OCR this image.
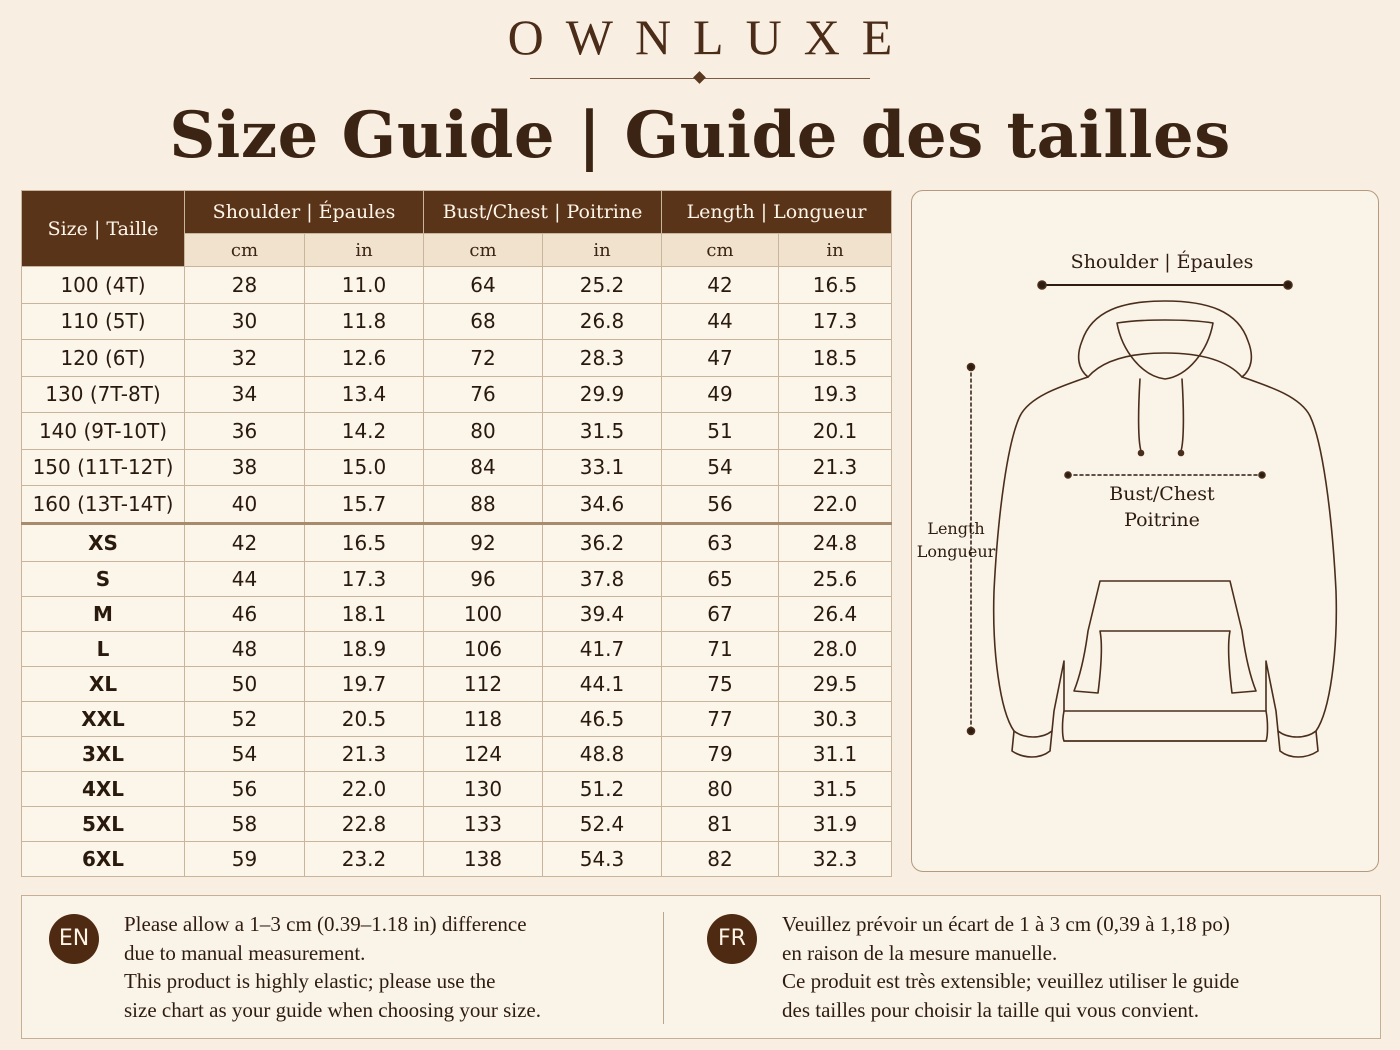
OWNLUXE
Size Guide | Guide des tailles
Size | Taille	Shoulder | Épaules		Bust/Chest | Poitrine		Length | Longueur	
	cm	in	cm	in	cm	in
100 (4T)	28	11.0	64	25.2	42	16.5
110 (5T)	30	11.8	68	26.8	44	17.3
120 (6T)	32	12.6	72	28.3	47	18.5
130 (7T-8T)	34	13.4	76	29.9	49	19.3
140 (9T-10T)	36	14.2	80	31.5	51	20.1
150 (11T-12T)	38	15.0	84	33.1	54	21.3
160 (13T-14T)	40	15.7	88	34.6	56	22.0
XS	42	16.5	92	36.2	63	24.8
S	44	17.3	96	37.8	65	25.6
M	46	18.1	100	39.4	67	26.4
L	48	18.9	106	41.7	71	28.0
XL	50	19.7	112	44.1	75	29.5
XXL	52	20.5	118	46.5	77	30.3
3XL	54	21.3	124	48.8	79	31.1
4XL	56	22.0	130	51.2	80	31.5
5XL	58	22.8	133	52.4	81	31.9
6XL	59	23.2	138	54.3	82	32.3
Shoulder | Épaules
Bust/Chest
Poitrine
Length
Longueur
EN
Please allow a 1–3 cm (0.39–1.18 in) difference
due to manual measurement.
This product is highly elastic; please use the
size chart as your guide when choosing your size.
FR
Veuillez prévoir un écart de 1 à 3 cm (0,39 à 1,18 po)
en raison de la mesure manuelle.
Ce produit est très extensible; veuillez utiliser le guide
des tailles pour choisir la taille qui vous convient.
